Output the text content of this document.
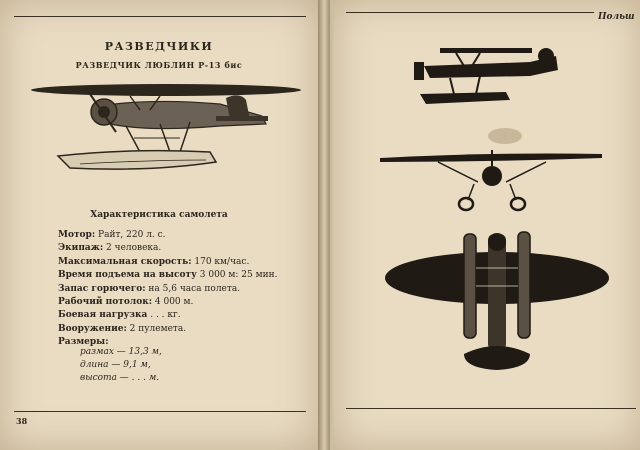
РАЗВЕДЧИКИ
РАЗВЕДЧИК ЛЮБЛИН Р-13 бис
Характеристика самолета
Мотор: Райт, 220 л. с.
Экипаж: 2 человека.
Максимальная скорость: 170 км/час.
Время подъема на высоту 3 000 м: 25 мин.
Запас горючего: на 5,6 часа полета.
Рабочий потолок: 4 000 м.
Боевая нагрузка . . . кг.
Вооружение: 2 пулемета.
Размеры:
размах — 13,3 м,
длина — 9,1 м,
высота — . . . м.
38
Польш
